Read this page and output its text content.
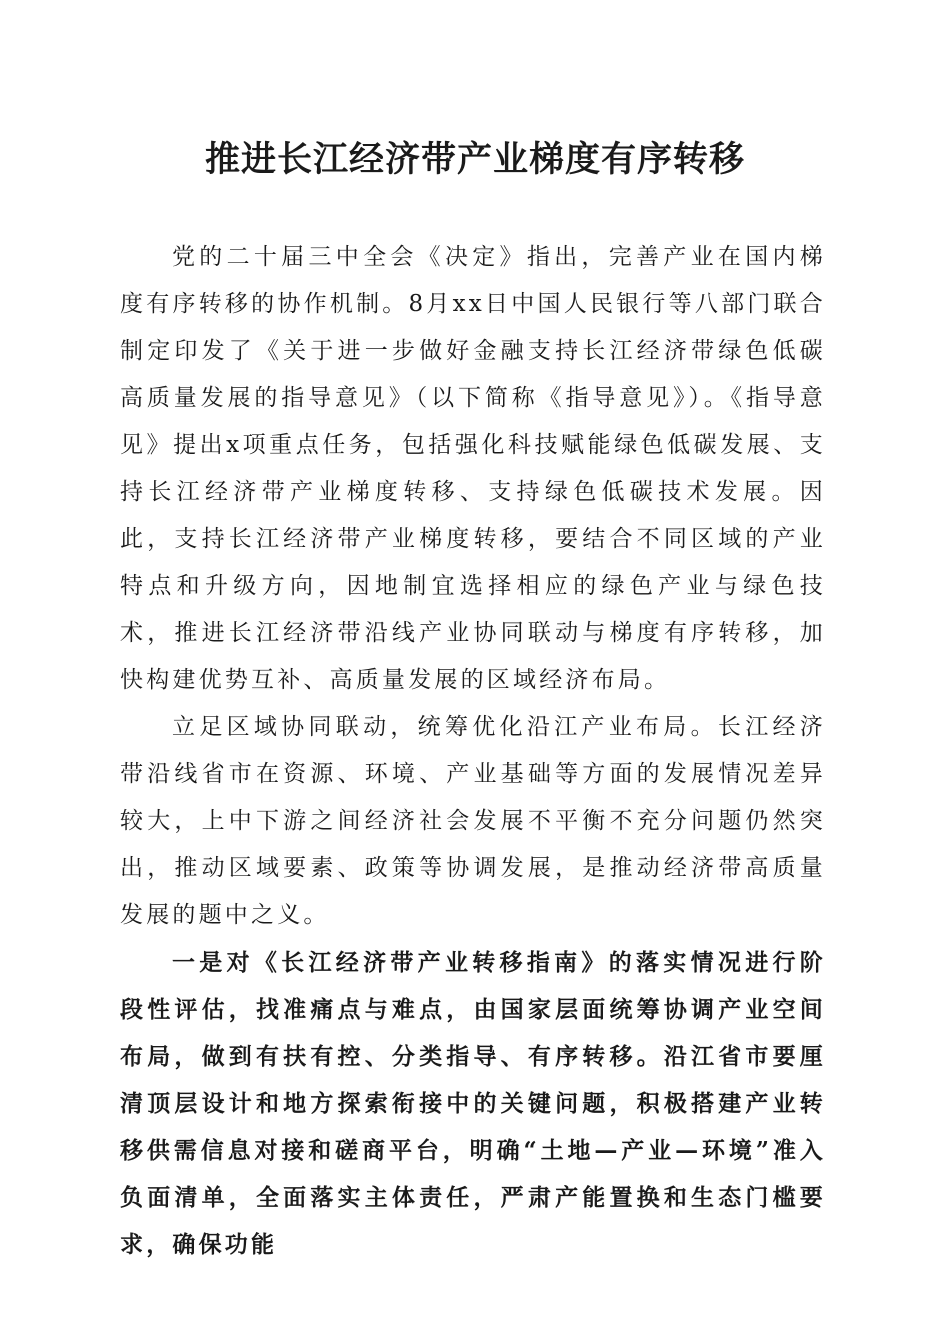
推进长江经济带产业梯度有序转移

党的二十届三中全会《决定》指出，完善产业在国内梯度有序转移的协作机制。8月xx日中国人民银行等八部门联合制定印发了《关于进一步做好金融支持长江经济带绿色低碳高质量发展的指导意见》（以下简称《指导意见》）。《指导意见》提出x项重点任务，包括强化科技赋能绿色低碳发展、支持长江经济带产业梯度转移、支持绿色低碳技术发展。因此，支持长江经济带产业梯度转移，要结合不同区域的产业特点和升级方向，因地制宜选择相应的绿色产业与绿色技术，推进长江经济带沿线产业协同联动与梯度有序转移，加快构建优势互补、高质量发展的区域经济布局。

立足区域协同联动，统筹优化沿江产业布局。长江经济带沿线省市在资源、环境、产业基础等方面的发展情况差异较大，上中下游之间经济社会发展不平衡不充分问题仍然突出，推动区域要素、政策等协调发展，是推动经济带高质量发展的题中之义。

一是对《长江经济带产业转移指南》的落实情况进行阶段性评估，找准痛点与难点，由国家层面统筹协调产业空间布局，做到有扶有控、分类指导、有序转移。沿江省市要厘清顶层设计和地方探索衔接中的关键问题，积极搭建产业转移供需信息对接和磋商平台，明确“土地—产业—环境”准入负面清单，全面落实主体责任，严肃产能置换和生态门槛要求，确保功能
